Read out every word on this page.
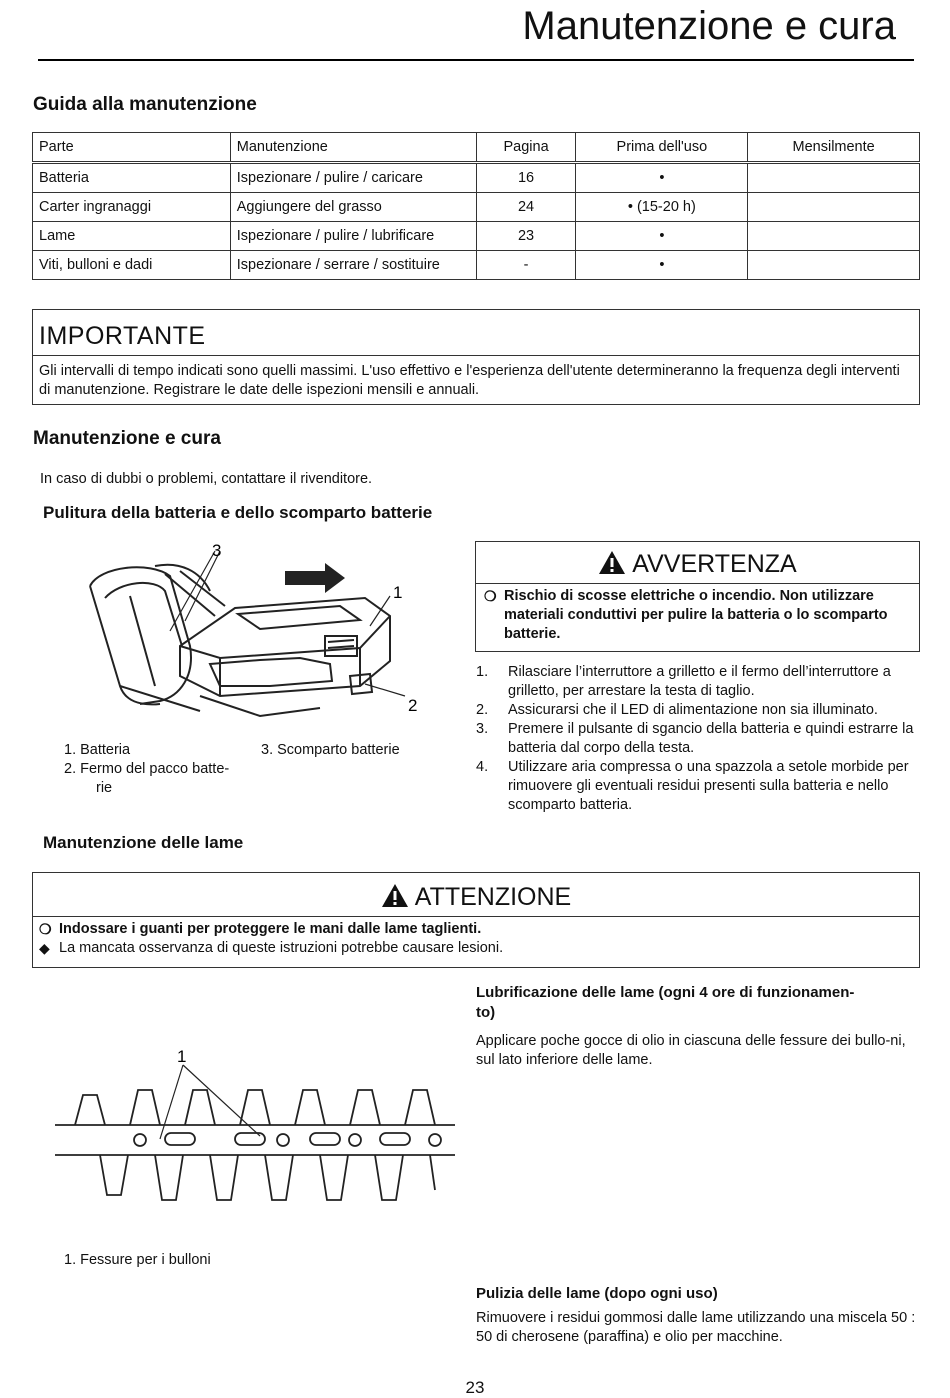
Manutenzione e cura
Guida alla manutenzione
Parte	Manutenzione	Pagina	Prima dell'uso	Mensilmente
Batteria	Ispezionare / pulire / caricare	16	•	
Carter ingranaggi	Aggiungere del grasso	24	• (15-20 h)	
Lame	Ispezionare / pulire / lubrificare	23	•	
Viti, bulloni e dadi	Ispezionare / serrare / sostituire	-	•	
IMPORTANTE
Gli intervalli di tempo indicati sono quelli massimi. L'uso effettivo e l'esperienza dell'utente determineranno la frequenza degli interventi di manutenzione. Registrare le date delle ispezioni mensili e annuali.
Manutenzione e cura
In caso di dubbi o problemi, contattare il rivenditore.
Pulitura della batteria e dello scomparto batterie
3
1
2
1. Batteria
2. Fermo del pacco batte-
rie
3. Scomparto batterie
AVVERTENZA
❍ Rischio di scosse elettriche o incendio. Non utilizzare materiali conduttivi per pulire la batteria o lo scomparto batterie.
1.	Rilasciare l’interruttore a grilletto e il fermo dell’interruttore a grilletto, per arrestare la testa di taglio.
2.	Assicurarsi che il LED di alimentazione non sia illuminato.
3.	Premere il pulsante di sgancio della batteria e quindi estrarre la batteria dal corpo della testa.
4.	Utilizzare aria compressa o una spazzola a setole morbide per rimuovere gli eventuali residui presenti sulla batteria e nello scomparto batteria.
Manutenzione delle lame
ATTENZIONE
❍ Indossare i guanti per proteggere le mani dalle lame taglienti.
◆ La mancata osservanza di queste istruzioni potrebbe causare lesioni.
1
1. Fessure per i bulloni
Lubrificazione delle lame (ogni 4 ore di funzionamen-
to)
Applicare poche gocce di olio in ciascuna delle fessure dei bullo-ni, sul lato inferiore delle lame.
Pulizia delle lame (dopo ogni uso)
Rimuovere i residui gommosi dalle lame utilizzando una miscela 50 : 50 di cherosene (paraffina) e olio per macchine.
23
